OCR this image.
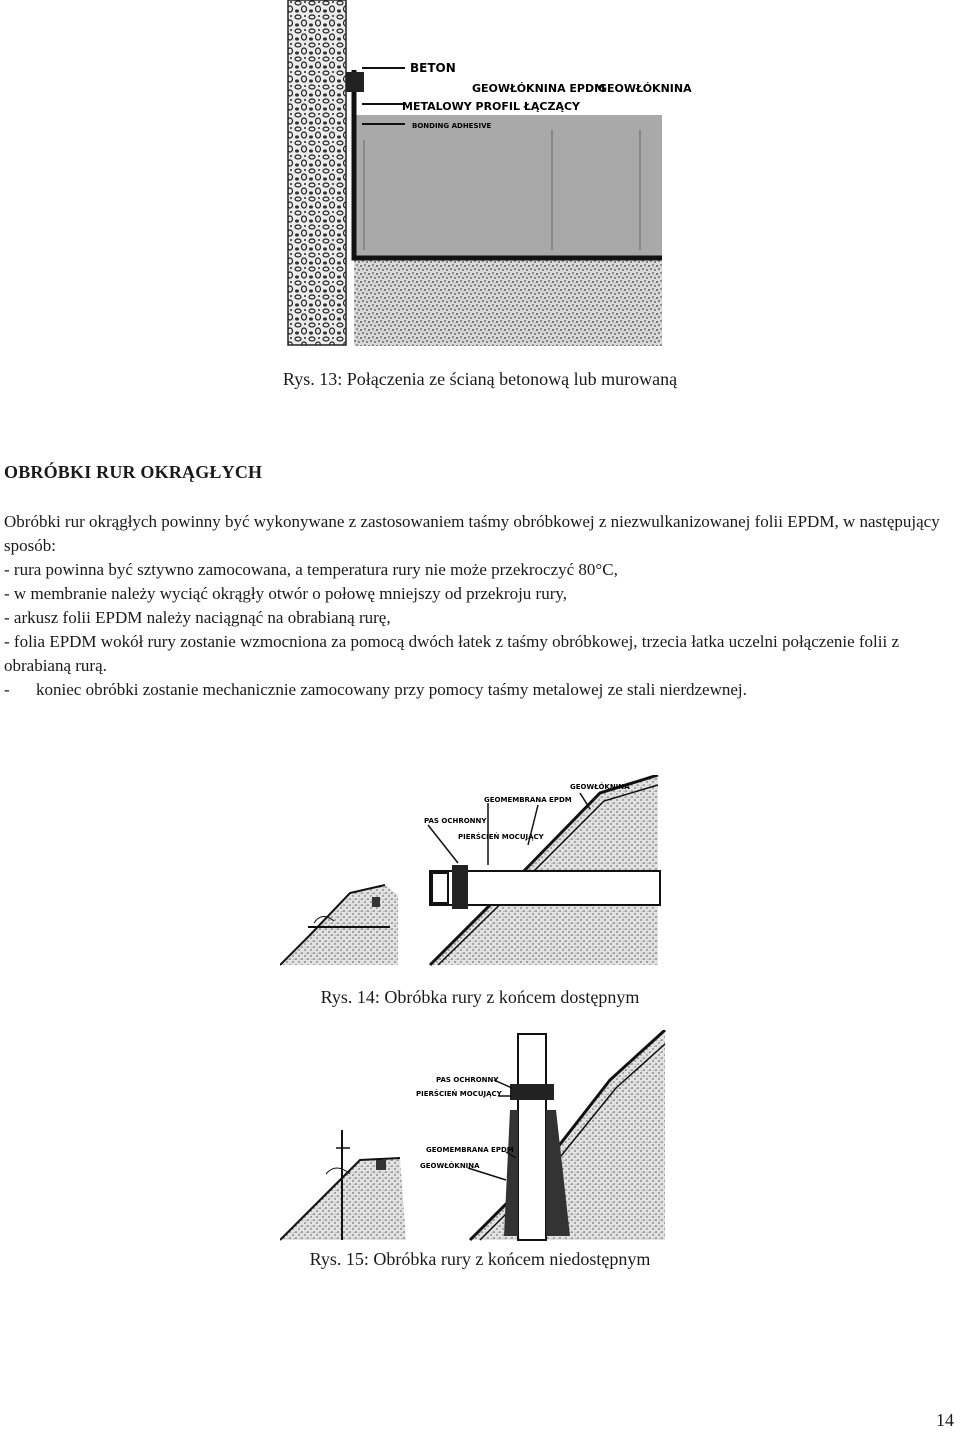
BETON
GEOWŁÓKNINA EPDM
GEOWŁÓKNINA
METALOWY PROFIL ŁĄCZĄCY
BONDING ADHESIVE
Rys. 13: Połączenia ze ścianą betonową lub murowaną
OBRÓBKI RUR OKRĄGŁYCH

Obróbki rur okrągłych powinny być wykonywane z zastosowaniem taśmy obróbkowej z niezwulkanizowanej folii EPDM, w następujący sposób:

- rura powinna być sztywno zamocowana, a temperatura rury nie może przekroczyć 80°C,

- w membranie należy wyciąć okrągły otwór o połowę mniejszy od przekroju rury,

- arkusz folii EPDM należy naciągnąć na obrabianą rurę,

- folia EPDM wokół rury zostanie wzmocniona za pomocą dwóch łatek z taśmy obróbkowej, trzecia łatka uczelni połączenie folii z obrabianą rurą.

-	koniec obróbki zostanie mechanicznie zamocowany przy pomocy taśmy metalowej ze stali nierdzewnej.

GEOWŁÓKNINA
GEOMEMBRANA EPDM
PAS OCHRONNY
PIERŚCIEŃ MOCUJĄCY
Rys. 14: Obróbka rury z końcem dostępnym
PAS OCHRONNY
PIERŚCIEŃ MOCUJĄCY
GEOMEMBRANA EPDM
GEOWŁÓKNINA
Rys. 15: Obróbka rury z końcem niedostępnym
14
